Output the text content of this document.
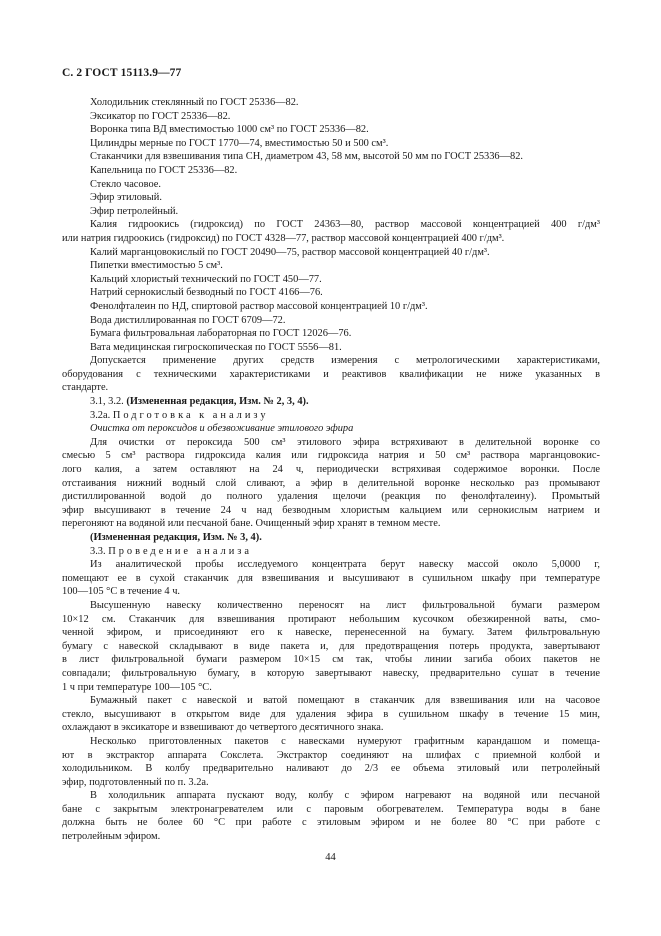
С. 2 ГОСТ 15113.9—77
Холодильник стеклянный по ГОСТ 25336—82.
Эксикатор по ГОСТ 25336—82.
Воронка типа ВД вместимостью 1000 см³ по ГОСТ 25336—82.
Цилиндры мерные по ГОСТ 1770—74, вместимостью 50 и 500 см³.
Стаканчики для взвешивания типа СН, диаметром 43, 58 мм, высотой 50 мм по ГОСТ 25336—82.
Капельница по ГОСТ 25336—82.
Стекло часовое.
Эфир этиловый.
Эфир петролейный.
Калия гидроокись (гидроксид) по ГОСТ 24363—80, раствор массовой концентрацией 400 г/дм³
или натрия гидроокись (гидроксид) по ГОСТ 4328—77, раствор массовой концентрацией 400 г/дм³.
Калий марганцовокислый по ГОСТ 20490—75, раствор массовой концентрацией 40 г/дм³.
Пипетки вместимостью 5 см³.
Кальций хлористый технический по ГОСТ 450—77.
Натрий сернокислый безводный по ГОСТ 4166—76.
Фенолфталеин по НД, спиртовой раствор массовой концентрацией 10 г/дм³.
Вода дистиллированная по ГОСТ 6709—72.
Бумага фильтровальная лабораторная по ГОСТ 12026—76.
Вата медицинская гигроскопическая по ГОСТ 5556—81.
Допускается применение других средств измерения с метрологическими характеристиками,
оборудования с техническими характеристиками и реактивов квалификации не ниже указанных в
стандарте.
3.1, 3.2. (Измененная редакция, Изм. № 2, 3, 4).
3.2а. Подготовка к анализу
Очистка от пероксидов и обезвоживание этилового эфира
Для очистки от пероксида 500 см³ этилового эфира встряхивают в делительной воронке со
смесью 5 см³ раствора гидроксида калия или гидроксида натрия и 50 см³ раствора марганцовокис-
лого калия, а затем оставляют на 24 ч, периодически встряхивая содержимое воронки. После
отстаивания нижний водный слой сливают, а эфир в делительной воронке несколько раз промывают
дистиллированной водой до полного удаления щелочи (реакция по фенолфталеину). Промытый
эфир высушивают в течение 24 ч над безводным хлористым кальцием или сернокислым натрием и
перегоняют на водяной или песчаной бане. Очищенный эфир хранят в темном месте.
(Измененная редакция, Изм. № 3, 4).
3.3. Проведение анализа
Из аналитической пробы исследуемого концентрата берут навеску массой около 5,0000 г,
помещают ее в сухой стаканчик для взвешивания и высушивают в сушильном шкафу при температуре
100—105 °С в течение 4 ч.
Высушенную навеску количественно переносят на лист фильтровальной бумаги размером
10×12 см. Стаканчик для взвешивания протирают небольшим кусочком обезжиренной ваты, смо-
ченной эфиром, и присоединяют его к навеске, перенесенной на бумагу. Затем фильтровальную
бумагу с навеской складывают в виде пакета и, для предотвращения потерь продукта, завертывают
в лист фильтровальной бумаги размером 10×15 см так, чтобы линии загиба обоих пакетов не
совпадали; фильтровальную бумагу, в которую завертывают навеску, предварительно сушат в течение
1 ч при температуре 100—105 °С.
Бумажный пакет с навеской и ватой помещают в стаканчик для взвешивания или на часовое
стекло, высушивают в открытом виде для удаления эфира в сушильном шкафу в течение 15 мин,
охлаждают в эксикаторе и взвешивают до четвертого десятичного знака.
Несколько приготовленных пакетов с навесками нумеруют графитным карандашом и помеща-
ют в экстрактор аппарата Сокслета. Экстрактор соединяют на шлифах с приемной колбой и
холодильником. В колбу предварительно наливают до 2/3 ее объема этиловый или петролейный
эфир, подготовленный по п. 3.2а.
В холодильник аппарата пускают воду, колбу с эфиром нагревают на водяной или песчаной
бане с закрытым электронагревателем или с паровым обогревателем. Температура воды в бане
должна быть не более 60 °С при работе с этиловым эфиром и не более 80 °С при работе с
петролейным эфиром.
44
